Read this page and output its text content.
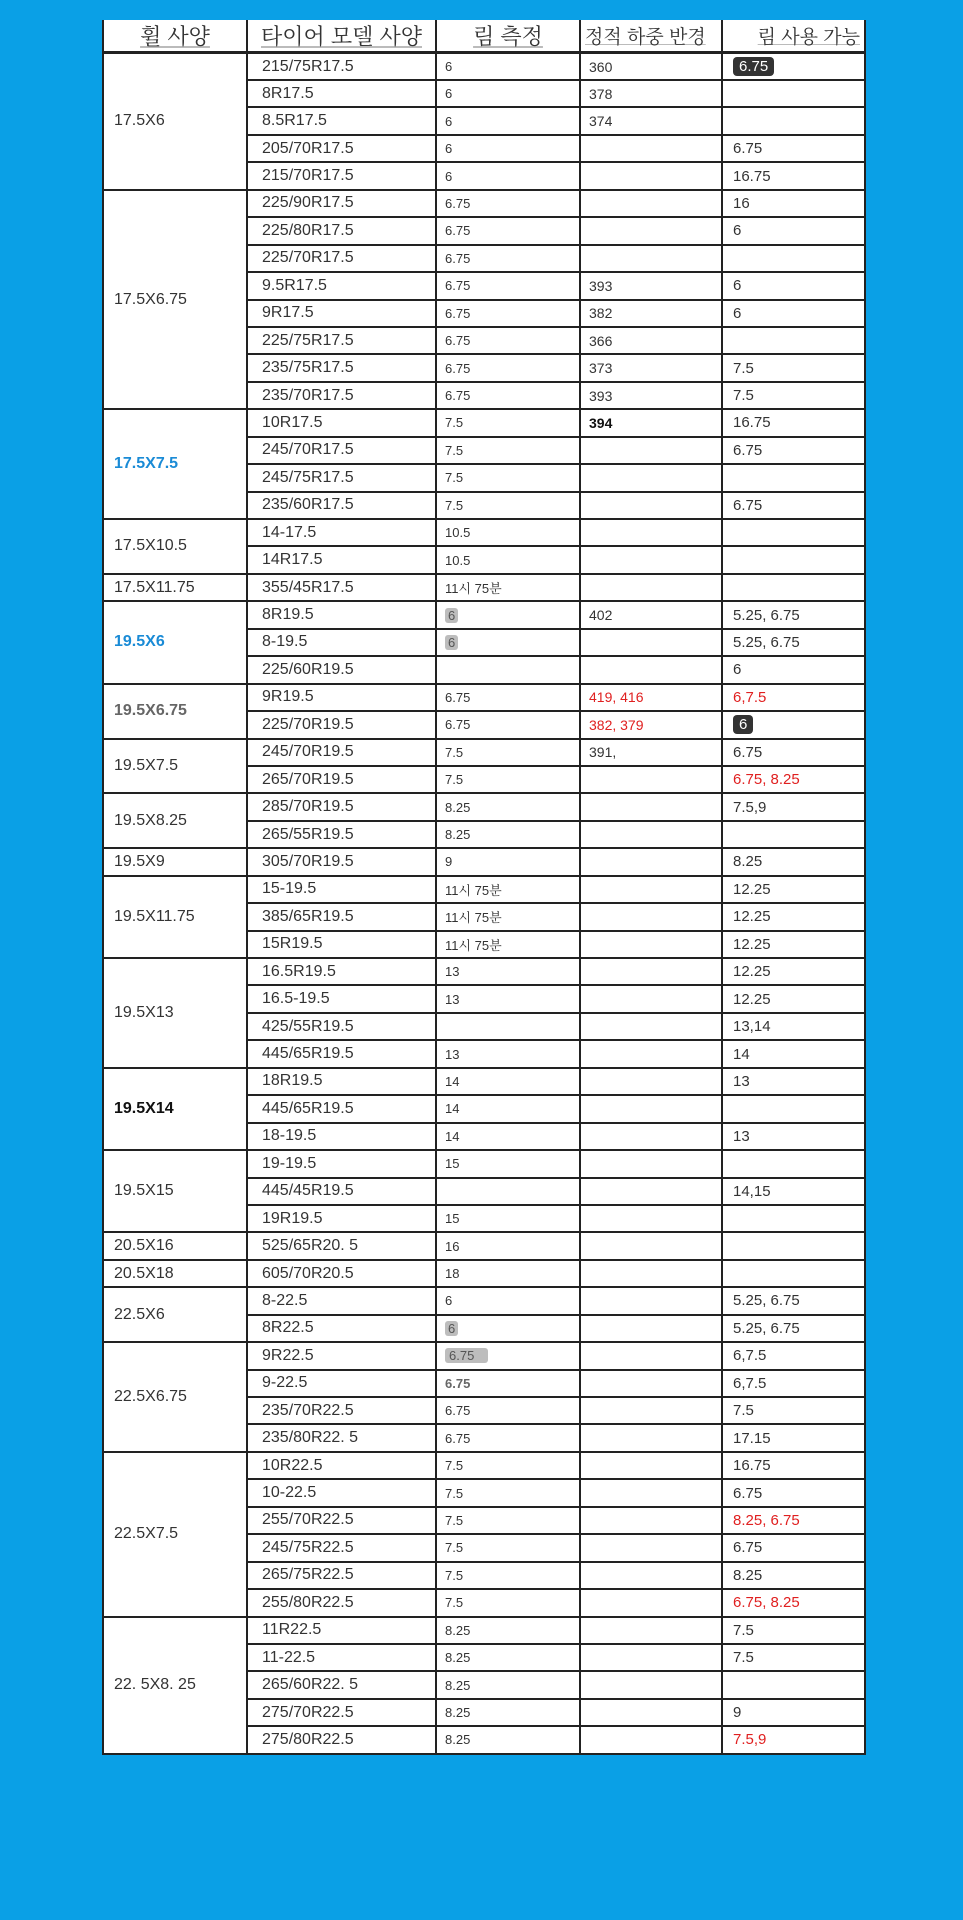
휠 사양	타이어 모델 사양	림 측정	정적 하중 반경	림 사용 가능
17.5X6	215/75R17.5	6	360	6.75
	8R17.5	6	378	
	8.5R17.5	6	374	
	205/70R17.5	6		6.75
	215/70R17.5	6		16.75
17.5X6.75	225/90R17.5	6.75		16
	225/80R17.5	6.75		6
	225/70R17.5	6.75		
	9.5R17.5	6.75	393	6
	9R17.5	6.75	382	6
	225/75R17.5	6.75	366	
	235/75R17.5	6.75	373	7.5
	235/70R17.5	6.75	393	7.5
17.5X7.5	10R17.5	7.5	394	16.75
	245/70R17.5	7.5		6.75
	245/75R17.5	7.5		
	235/60R17.5	7.5		6.75
17.5X10.5	14-17.5	10.5		
	14R17.5	10.5		
17.5X11.75	355/45R17.5	11시 75분		
19.5X6	8R19.5	6	402	5.25, 6.75
	8-19.5	6		5.25, 6.75
	225/60R19.5			6
19.5X6.75	9R19.5	6.75	419, 416	6,7.5
	225/70R19.5	6.75	382, 379	6
19.5X7.5	245/70R19.5	7.5	391,	6.75
	265/70R19.5	7.5		6.75, 8.25
19.5X8.25	285/70R19.5	8.25		7.5,9
	265/55R19.5	8.25		
19.5X9	305/70R19.5	9		8.25
19.5X11.75	15-19.5	11시 75분		12.25
	385/65R19.5	11시 75분		12.25
	15R19.5	11시 75분		12.25
19.5X13	16.5R19.5	13		12.25
	16.5-19.5	13		12.25
	425/55R19.5			13,14
	445/65R19.5	13		14
19.5X14	18R19.5	14		13
	445/65R19.5	14		
	18-19.5	14		13
19.5X15	19-19.5	15		
	445/45R19.5			14,15
	19R19.5	15		
20.5X16	525/65R20. 5	16		
20.5X18	605/70R20.5	18		
22.5X6	8-22.5	6		5.25, 6.75
	8R22.5	6		5.25, 6.75
22.5X6.75	9R22.5	6.75		6,7.5
	9-22.5	6.75		6,7.5
	235/70R22.5	6.75		7.5
	235/80R22. 5	6.75		17.15
22.5X7.5	10R22.5	7.5		16.75
	10-22.5	7.5		6.75
	255/70R22.5	7.5		8.25, 6.75
	245/75R22.5	7.5		6.75
	265/75R22.5	7.5		8.25
	255/80R22.5	7.5		6.75, 8.25
22. 5X8. 25	11R22.5	8.25		7.5
	11-22.5	8.25		7.5
	265/60R22. 5	8.25		
	275/70R22.5	8.25		9
	275/80R22.5	8.25		7.5,9
